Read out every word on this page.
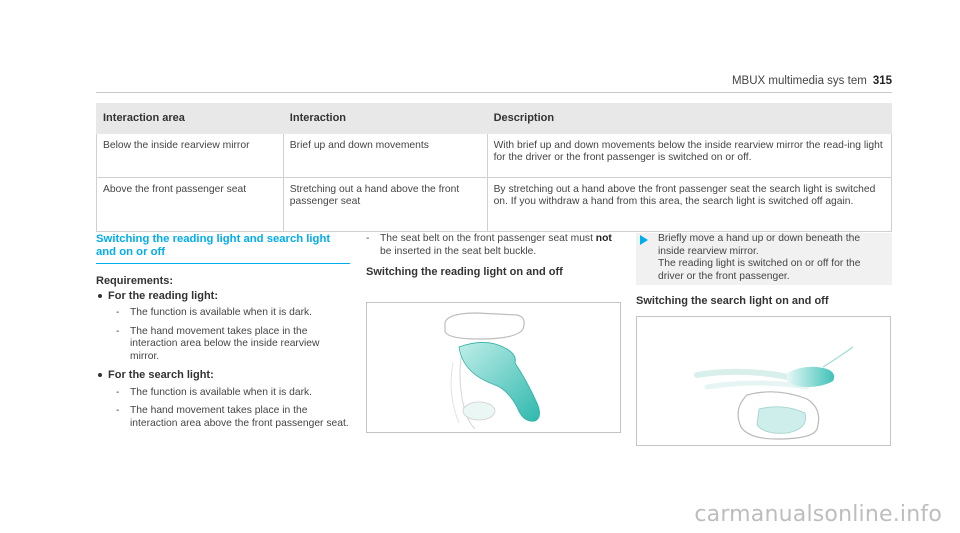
MBUX multimedia sys tem 315
Interaction area	Interaction	Description
Below the inside rearview mirror	Brief up and down movements	With brief up and down movements below the inside rearview mirror the read-ing light for the driver or the front passenger is switched on or off.
Above the front passenger seat	Stretching out a hand above the front passenger seat	By stretching out a hand above the front passenger seat the search light is switched on. If you withdraw a hand from this area, the search light is switched off again.
Switching the reading light and search light and on or off
Requirements:
For the reading light:
- The function is available when it is dark.
- The hand movement takes place in the interaction area below the inside rearview mirror.
For the search light:
- The function is available when it is dark.
- The hand movement takes place in the interaction area above the front passenger seat.
- The seat belt on the front passenger seat must not be inserted in the seat belt buckle.
Switching the reading light on and off
Briefly move a hand up or down beneath the inside rearview mirror.
The reading light is switched on or off for the driver or the front passenger.
Switching the search light on and off
carmanualsonline.info
